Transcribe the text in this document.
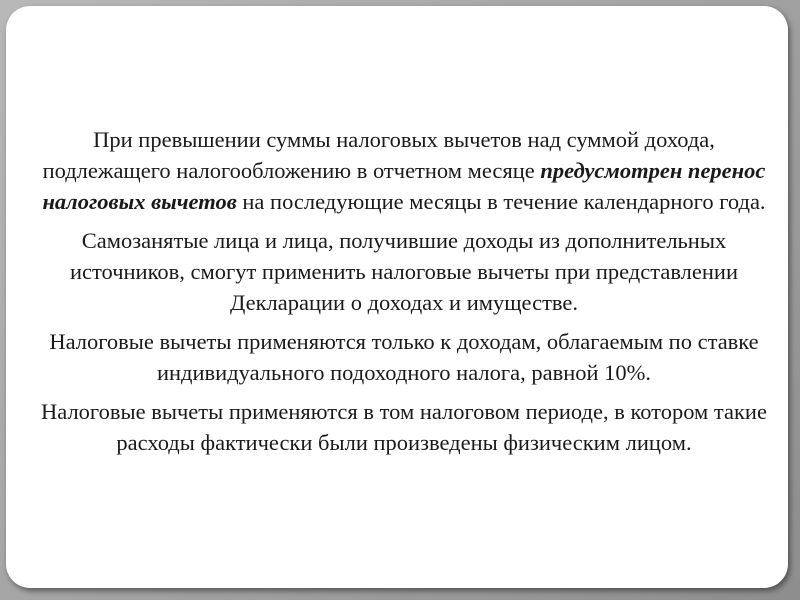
При превышении суммы налоговых вычетов над суммой дохода, подлежащего налогообложению в отчетном месяце предусмотрен перенос налоговых вычетов на последующие месяцы в течение календарного года.

Самозанятые лица и лица, получившие доходы из дополнительных источников, смогут применить налоговые вычеты при представлении Декларации о доходах и имуществе.

Налоговые вычеты применяются только к доходам, облагаемым по ставке индивидуального подоходного налога, равной 10%.

Налоговые вычеты применяются в том налоговом периоде, в котором такие расходы фактически были произведены физическим лицом.
